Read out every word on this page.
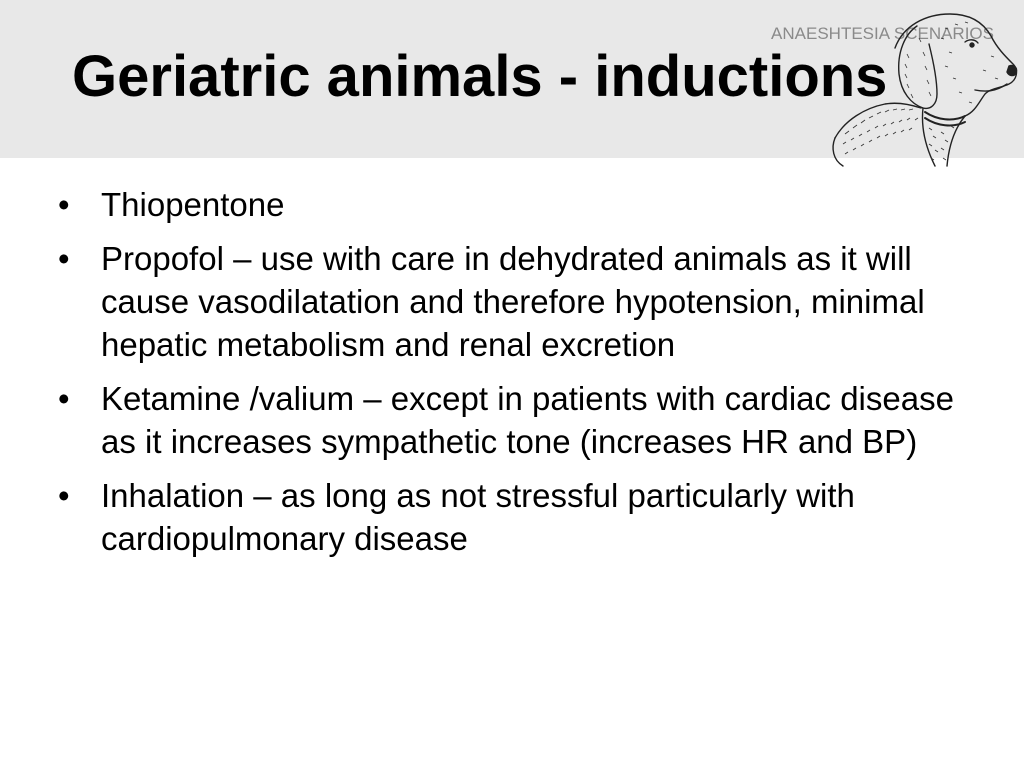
ANAESHTESIA SCENARIOS
Geriatric animals - inductions
• Thiopentone
• Propofol – use with care in dehydrated animals as it will cause vasodilatation and therefore hypotension, minimal hepatic metabolism and renal excretion
• Ketamine /valium – except in patients with cardiac disease as it increases sympathetic tone (increases HR and BP)
• Inhalation – as long as not stressful particularly with cardiopulmonary disease
